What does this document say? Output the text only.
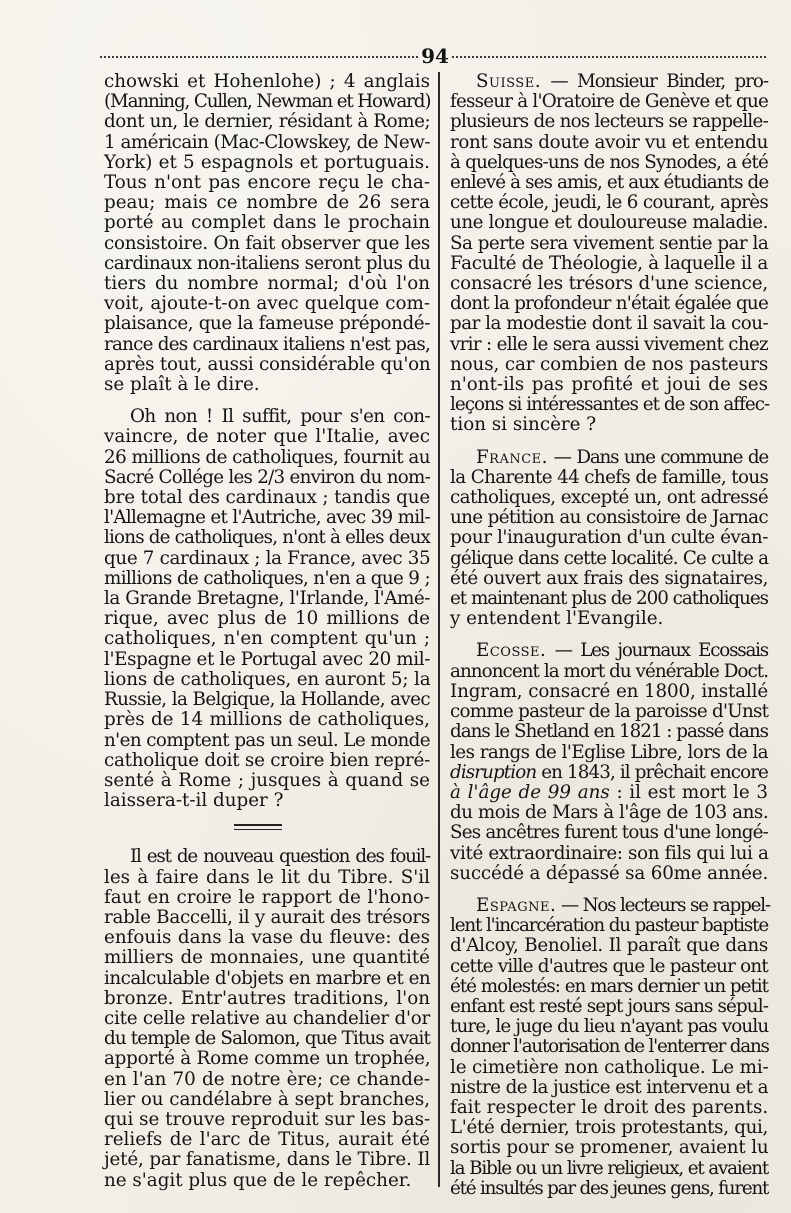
94
chowski et Hohenlohe) ; 4 anglais
(Manning, Cullen, Newman et Howard)
dont un, le dernier, résidant à Rome;
1 américain (Mac-Clowskey, de New-
York) et 5 espagnols et portuguais.
Tous n'ont pas encore reçu le cha-
peau; mais ce nombre de 26 sera
porté au complet dans le prochain
consistoire. On fait observer que les
cardinaux non-italiens seront plus du
tiers du nombre normal; d'où l'on
voit, ajoute-t-on avec quelque com-
plaisance, que la fameuse prépondé-
rance des cardinaux italiens n'est pas,
après tout, aussi considérable qu'on
se plaît à le dire.
Oh non ! Il suffit, pour s'en con-
vaincre, de noter que l'Italie, avec
26 millions de catholiques, fournit au
Sacré Collége les 2/3 environ du nom-
bre total des cardinaux ; tandis que
l'Allemagne et l'Autriche, avec 39 mil-
lions de catholiques, n'ont à elles deux
que 7 cardinaux ; la France, avec 35
millions de catholiques, n'en a que 9 ;
la Grande Bretagne, l'Irlande, l'Amé-
rique, avec plus de 10 millions de
catholiques, n'en comptent qu'un ;
l'Espagne et le Portugal avec 20 mil-
lions de catholiques, en auront 5; la
Russie, la Belgique, la Hollande, avec
près de 14 millions de catholiques,
n'en comptent pas un seul. Le monde
catholique doit se croire bien repré-
senté à Rome ; jusques à quand se
laissera-t-il duper ?
Il est de nouveau question des fouil-
les à faire dans le lit du Tibre. S'il
faut en croire le rapport de l'hono-
rable Baccelli, il y aurait des trésors
enfouis dans la vase du fleuve: des
milliers de monnaies, une quantité
incalculable d'objets en marbre et en
bronze. Entr'autres traditions, l'on
cite celle relative au chandelier d'or
du temple de Salomon, que Titus avait
apporté à Rome comme un trophée,
en l'an 70 de notre ère; ce chande-
lier ou candélabre à sept branches,
qui se trouve reproduit sur les bas-
reliefs de l'arc de Titus, aurait été
jeté, par fanatisme, dans le Tibre. Il
ne s'agit plus que de le repêcher.
Suisse. — Monsieur Binder, pro-
fesseur à l'Oratoire de Genève et que
plusieurs de nos lecteurs se rappelle-
ront sans doute avoir vu et entendu
à quelques-uns de nos Synodes, a été
enlevé à ses amis, et aux étudiants de
cette école, jeudi, le 6 courant, après
une longue et douloureuse maladie.
Sa perte sera vivement sentie par la
Faculté de Théologie, à laquelle il a
consacré les trésors d'une science,
dont la profondeur n'était égalée que
par la modestie dont il savait la cou-
vrir : elle le sera aussi vivement chez
nous, car combien de nos pasteurs
n'ont-ils pas profité et joui de ses
leçons si intéressantes et de son affec-
tion si sincère ?
France. — Dans une commune de
la Charente 44 chefs de famille, tous
catholiques, excepté un, ont adressé
une pétition au consistoire de Jarnac
pour l'inauguration d'un culte évan-
gélique dans cette localité. Ce culte a
été ouvert aux frais des signataires,
et maintenant plus de 200 catholiques
y entendent l'Evangile.
Ecosse. — Les journaux Ecossais
annoncent la mort du vénérable Doct.
Ingram, consacré en 1800, installé
comme pasteur de la paroisse d'Unst
dans le Shetland en 1821 : passé dans
les rangs de l'Eglise Libre, lors de la
disruption en 1843, il prêchait encore
à l'âge de 99 ans : il est mort le 3
du mois de Mars à l'âge de 103 ans.
Ses ancêtres furent tous d'une longé-
vité extraordinaire: son fils qui lui a
succédé a dépassé sa 60me année.
Espagne. — Nos lecteurs se rappel-
lent l'incarcération du pasteur baptiste
d'Alcoy, Benoliel. Il paraît que dans
cette ville d'autres que le pasteur ont
été molestés: en mars dernier un petit
enfant est resté sept jours sans sépul-
ture, le juge du lieu n'ayant pas voulu
donner l'autorisation de l'enterrer dans
le cimetière non catholique. Le mi-
nistre de la justice est intervenu et a
fait respecter le droit des parents.
L'été dernier, trois protestants, qui,
sortis pour se promener, avaient lu
la Bible ou un livre religieux, et avaient
été insultés par des jeunes gens, furent
